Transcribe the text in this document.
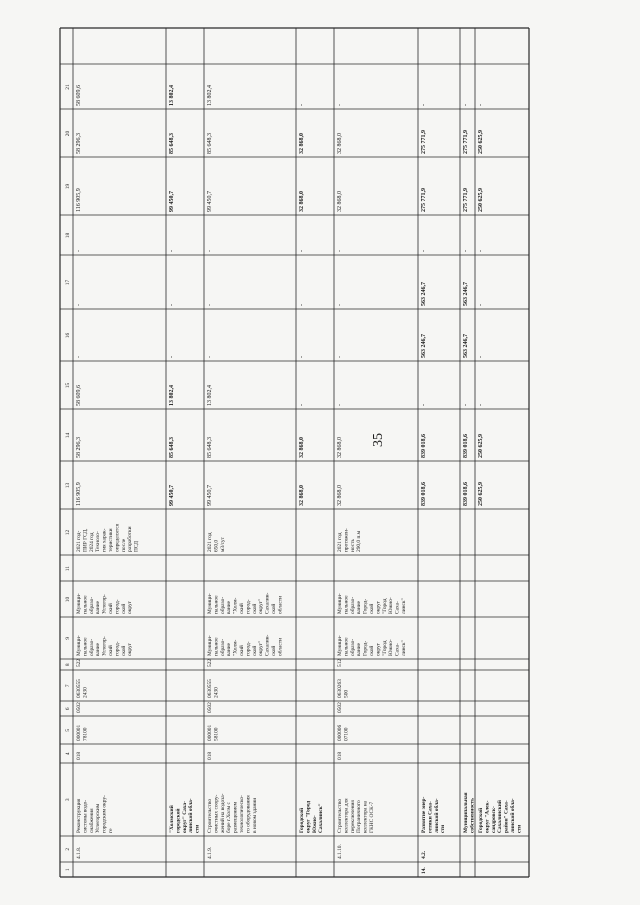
35
1
2
3
4
5
6
7
8
9
10
11
12
13
14
15
16
17
18
19
20
21
4.1.8.
Реконструкция системы водо- снабжения Углегорским городским окру- ге
018
000001 78100
0502
0630555 2430
522
Муници- пальное образо- вание Углегор- ский город- ской округ
Муници- пальное образо- вание Углегор- ский город- ской округ
2021 год- ПИР ГСД, 2024 год Техноло- гия харак- теристики определятся после разработки ПСД
116 905,9
58 296,3
58 609,6
-
-
-
116 905,9
58 296,3
58 609,6
"Холмский городской округ" Саха- линской обла- сти
99 450,7
85 648,3
13 802,4
-
-
-
99 450,7
85 648,3
13 802,4
4.1.9.
Строительство очистных соору- жений на водоза- боре г.Холм с размещением технологическо- го оборудования в новом здании
018
000001 58100
0502
0630555 2430
522
Муници- пальное образо- вание "Холм- ский город- ской округ" Сахалин- ской области
Муници- пальное образо- вание "Холм- ский город- ской округ" Сахалин- ской области
2021 год 650,0 м3/сут
99 450,7
85 648,3
13 802,4
-
-
-
99 450,7
85 648,3
13 802,4
Городской округ "Город Южно- Сахалинск"
32 868,0
32 868,0
-
-
-
-
32 868,0
32 868,0
-
4.1.10.
Строительство коллектора для переключения Пограничного коллектора на ГКНС ОСК-7
018
000006 07100
0502
0630263 500
512
Муници- пальное образо- вание Город- ской округ "Город Южно- Саха- линск"
Муници- пальное образо- вание Город- ской округ "Город Южно- Саха- линск"
2021 год протяжен- ность 290,0 п.м
32 868,0
32 868,0
-
-
-
-
32 868,0
32 868,0
-
14.
4.2.
Развитие энер- гетики Саха- линской обла- сти
839 018,6
839 018,6
-
563 246,7
563 246,7
-
275 771,9
275 771,9
-
Муниципальная собственность
839 018,6
839 018,6
-
563 246,7
563 246,7
-
275 771,9
275 771,9
-
Городской округ "Алек- сандровск- Сахалинский район" Саха- линской обла- сти
250 625,9
250 625,9
-
-
-
-
250 625,9
250 625,9
-
